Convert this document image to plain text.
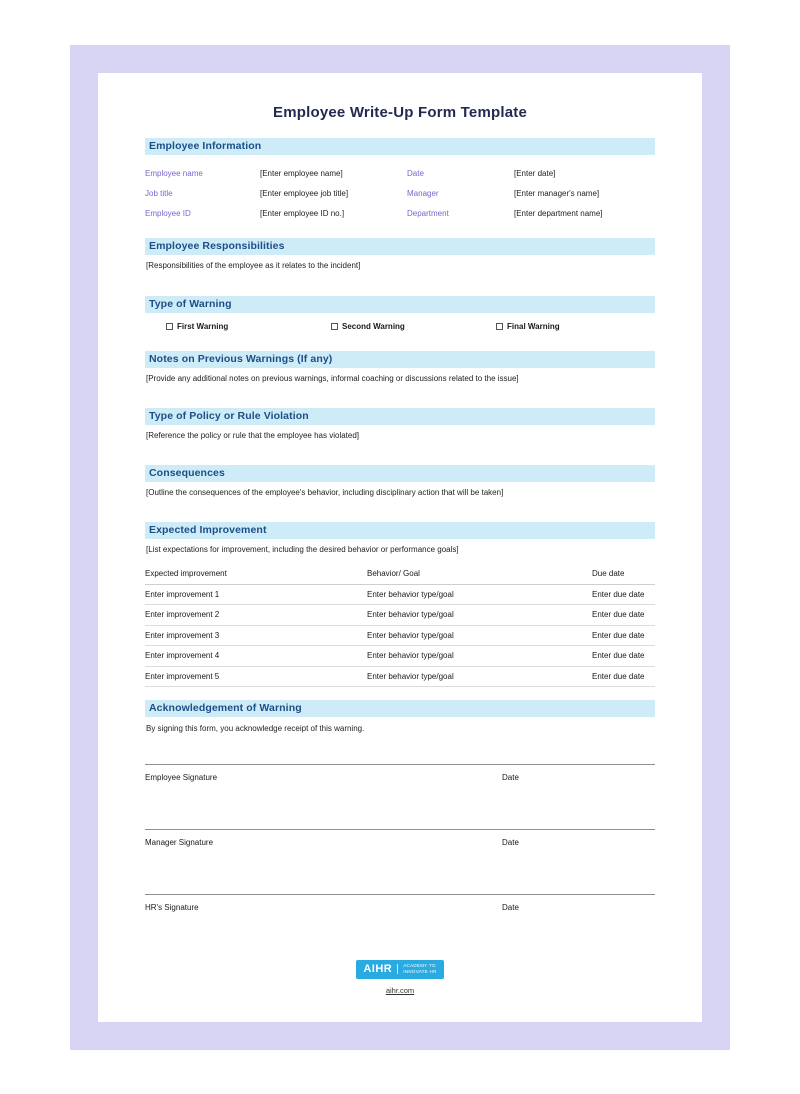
Employee Write-Up Form Template
Employee Information
Employee name	[Enter employee name]	Date	[Enter date]
Job title	[Enter employee job title]	Manager	[Enter manager's name]
Employee ID	[Enter employee ID no.]	Department	[Enter department name]
Employee Responsibilities
[Responsibilities of the employee as it relates to the incident]
Type of Warning
First Warning	Second Warning	Final Warning
Notes on Previous Warnings (If any)
[Provide any additional notes on previous warnings, informal coaching or discussions related to the issue]
Type of Policy or Rule Violation
[Reference the policy or rule that the employee has violated]
Consequences
[Outline the consequences of the employee's behavior, including disciplinary action that will be taken]
Expected Improvement
[List expectations for improvement, including the desired behavior or performance goals]
Expected improvement	Behavior/ Goal	Due date
Enter improvement 1	Enter behavior type/goal	Enter due date
Enter improvement 2	Enter behavior type/goal	Enter due date
Enter improvement 3	Enter behavior type/goal	Enter due date
Enter improvement 4	Enter behavior type/goal	Enter due date
Enter improvement 5	Enter behavior type/goal	Enter due date
Acknowledgement of Warning
By signing this form, you acknowledge receipt of this warning.
Employee Signature	Date
Manager Signature	Date
HR's Signature	Date
AIHR ACADEMY TO
INNOVATE HR

aihr.com
